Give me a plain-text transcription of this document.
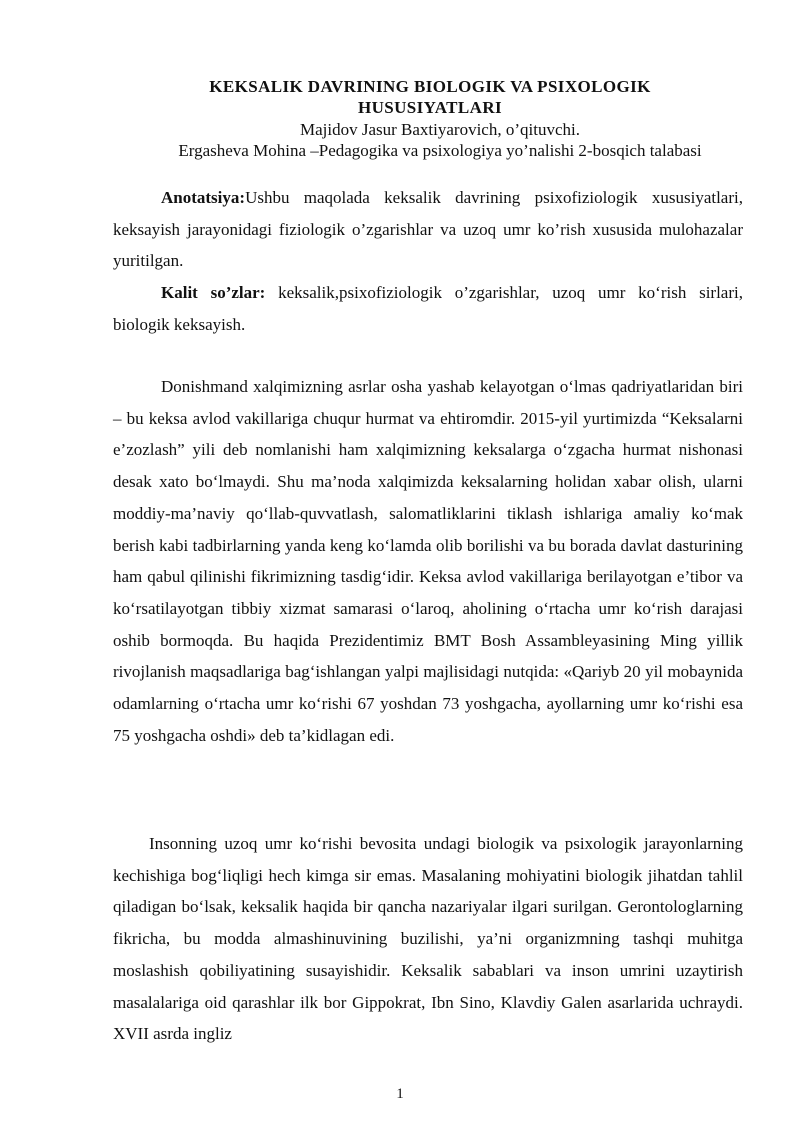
KEKSALIK DAVRINING BIOLOGIK VA PSIXOLOGIK HUSUSIYATLARI

Majidov Jasur Baxtiyarovich, o’qituvchi.

Ergasheva Mohina –Pedagogika va psixologiya yo’nalishi 2-bosqich talabasi

Anotatsiya:Ushbu maqolada keksalik davrining psixofiziologik xususiyatlari, keksayish jarayonidagi fiziologik o’zgarishlar va uzoq umr ko’rish xususida mulohazalar yuritilgan.

Kalit so’zlar: keksalik,psixofiziologik o’zgarishlar, uzoq umr ko‘rish sirlari, biologik keksayish.

Donishmand xalqimizning asrlar osha yashab kelayotgan o‘lmas qadriyatlaridan biri – bu keksa avlod vakillariga chuqur hurmat va ehtiromdir. 2015-yil yurtimizda “Keksalarni e’zozlash” yili deb nomlanishi ham xalqimizning keksalarga o‘zgacha hurmat nishonasi desak xato bo‘lmaydi. Shu ma’noda xalqimizda keksalarning holidan xabar olish, ularni moddiy-ma’naviy qo‘llab-quvvatlash, salomatliklarini tiklash ishlariga amaliy ko‘mak berish kabi tadbirlarning yanda keng ko‘lamda olib borilishi va bu borada davlat dasturining ham qabul qilinishi fikrimizning tasdig‘idir. Keksa avlod vakillariga berilayotgan e’tibor va ko‘rsatilayotgan tibbiy xizmat samarasi o‘laroq, aholining o‘rtacha umr ko‘rish darajasi oshib bormoqda. Bu haqida Prezidentimiz BMT Bosh Assambleyasining Ming yillik rivojlanish maqsadlariga bag‘ishlangan yalpi majlisidagi nutqida: «Qariyb 20 yil mobaynida odamlarning o‘rtacha umr ko‘rishi 67 yoshdan 73 yoshgacha, ayollarning umr ko‘rishi esa 75 yoshgacha oshdi» deb ta’kidlagan edi.

Insonning uzoq umr ko‘rishi bevosita undagi biologik va psixologik jarayonlarning kechishiga bog‘liqligi hech kimga sir emas. Masalaning mohiyatini biologik jihatdan tahlil qiladigan bo‘lsak, keksalik haqida bir qancha nazariyalar ilgari surilgan. Gerontologlarning fikricha, bu modda almashinuvining buzilishi, ya’ni organizmning tashqi muhitga moslashish qobiliyatining susayishidir. Keksalik sabablari va inson umrini uzaytirish masalalariga oid qarashlar ilk bor Gippokrat, Ibn Sino, Klavdiy Galen asarlarida uchraydi. XVII asrda ingliz

1
